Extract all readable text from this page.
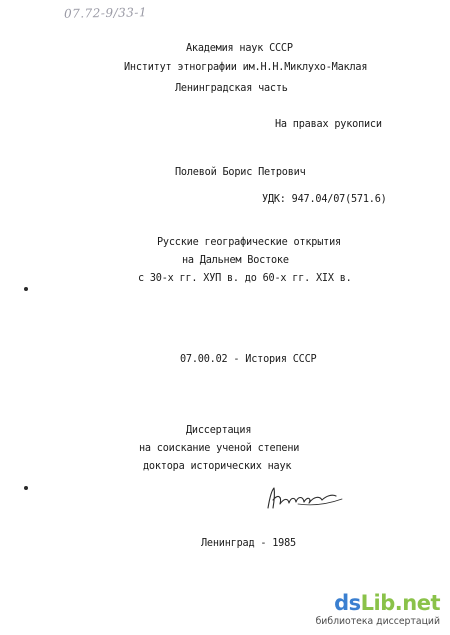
07.72-9/33-1
Академия наук СССР
Институт этнографии им.Н.Н.Миклухо-Маклая
Ленинградская часть
На правах рукописи
Полевой Борис Петрович
УДК: 947.04/07(571.6)
Русские географические открытия
на Дальнем Востоке
с 30-х гг. ХУП в. до 60-х гг. XIX в.
07.00.02 - История СССР
Диссертация
на соискание ученой степени
доктора исторических наук
Ленинград - 1985
dsLib.net
библиотека диссертаций
